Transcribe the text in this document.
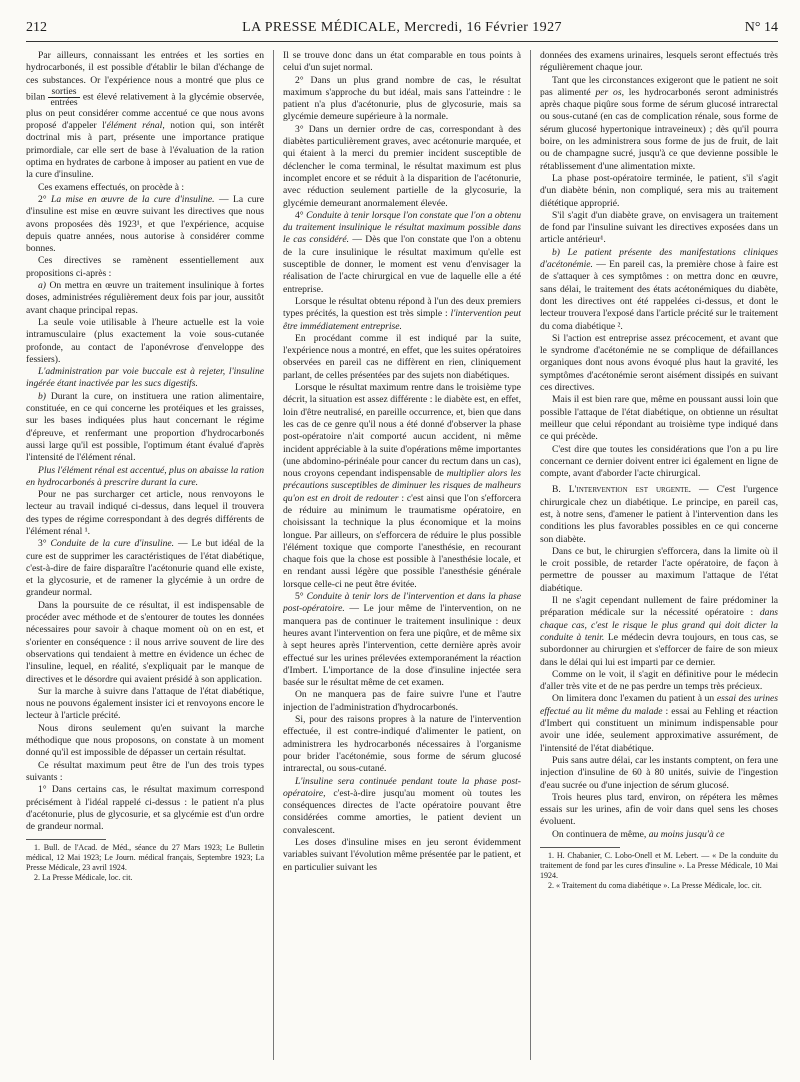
212	LA PRESSE MÉDICALE, Mercredi, 16 Février 1927	N° 14

Par ailleurs, connaissant les entrées et les sorties en hydrocarbonés, il est possible d'établir le bilan d'échange de ces substances. Or l'expérience nous a montré que plus ce bilan $\frac{\text{sorties}}{\text{entrées}}$ est élevé relativement à la glycémie observée, plus on peut considérer comme accentué ce que nous avons proposé d'appeler l'élément rénal, notion qui, son intérêt doctrinal mis à part, présente une importance pratique primordiale, car elle sert de base à l'évaluation de la ration optima en hydrates de carbone à imposer au patient en vue de la cure d'insuline.

Ces examens effectués, on procède à :

2° La mise en œuvre de la cure d'insuline. — La cure d'insuline est mise en œuvre suivant les directives que nous avons proposées dès 1923¹, et que l'expérience, acquise depuis quatre années, nous autorise à considérer comme bonnes.

Ces directives se ramènent essentiellement aux propositions ci-après :

a) On mettra en œuvre un traitement insulinique à fortes doses, administrées régulièrement deux fois par jour, aussitôt avant chaque principal repas.

La seule voie utilisable à l'heure actuelle est la voie intramusculaire (plus exactement la voie sous-cutanée profonde, au contact de l'aponévrose d'enveloppe des fessiers).

L'administration par voie buccale est à rejeter, l'insuline ingérée étant inactivée par les sucs digestifs.

b) Durant la cure, on instituera une ration alimentaire, constituée, en ce qui concerne les protéiques et les graisses, sur les bases indiquées plus haut concernant le régime d'épreuve, et renfermant une proportion d'hydrocarbonés aussi large qu'il est possible, l'optimum étant évalué d'après l'intensité de l'élément rénal.

Plus l'élément rénal est accentué, plus on abaisse la ration en hydrocarbonés à prescrire durant la cure.

Pour ne pas surcharger cet article, nous renvoyons le lecteur au travail indiqué ci-dessus, dans lequel il trouvera des types de régime correspondant à des degrés différents de l'élément rénal ¹.

3° Conduite de la cure d'insuline. — Le but idéal de la cure est de supprimer les caractéristiques de l'état diabétique, c'est-à-dire de faire disparaître l'acétonurie quand elle existe, et la glycosurie, et de ramener la glycémie à un ordre de grandeur normal.

Dans la poursuite de ce résultat, il est indispensable de procéder avec méthode et de s'entourer de toutes les données nécessaires pour savoir à chaque moment où on en est, et s'orienter en conséquence : il nous arrive souvent de lire des observations qui tendaient à mettre en évidence un échec de l'insuline, lequel, en réalité, s'expliquait par le manque de directives et le désordre qui avaient présidé à son application.

Sur la marche à suivre dans l'attaque de l'état diabétique, nous ne pouvons également insister ici et renvoyons encore le lecteur à l'article précité.

Nous dirons seulement qu'en suivant la marche méthodique que nous proposons, on constate à un moment donné qu'il est impossible de dépasser un certain résultat.

Ce résultat maximum peut être de l'un des trois types suivants :

1° Dans certains cas, le résultat maximum correspond précisément à l'idéal rappelé ci-dessus : le patient n'a plus d'acétonurie, plus de glycosurie, et sa glycémie est d'un ordre de grandeur normal.

1. Bull. de l'Acad. de Méd., séance du 27 Mars 1923; Le Bulletin médical, 12 Mai 1923; Le Journ. médical français, Septembre 1923; La Presse Médicale, 23 avril 1924.

2. La Presse Médicale, loc. cit.

Il se trouve donc dans un état comparable en tous points à celui d'un sujet normal.

2° Dans un plus grand nombre de cas, le résultat maximum s'approche du but idéal, mais sans l'atteindre : le patient n'a plus d'acétonurie, plus de glycosurie, mais sa glycémie demeure supérieure à la normale.

3° Dans un dernier ordre de cas, correspondant à des diabètes particulièrement graves, avec acétonurie marquée, et qui étaient à la merci du premier incident susceptible de déclencher le coma terminal, le résultat maximum est plus incomplet encore et se réduit à la disparition de l'acétonurie, avec réduction seulement partielle de la glycosurie, la glycémie demeurant anormalement élevée.

4° Conduite à tenir lorsque l'on constate que l'on a obtenu du traitement insulinique le résultat maximum possible dans le cas considéré. — Dès que l'on constate que l'on a obtenu de la cure insulinique le résultat maximum qu'elle est susceptible de donner, le moment est venu d'envisager la réalisation de l'acte chirurgical en vue de laquelle elle a été entreprise.

Lorsque le résultat obtenu répond à l'un des deux premiers types précités, la question est très simple : l'intervention peut être immédiatement entreprise.

En procédant comme il est indiqué par la suite, l'expérience nous a montré, en effet, que les suites opératoires observées en pareil cas ne diffèrent en rien, cliniquement parlant, de celles présentées par des sujets non diabétiques.

Lorsque le résultat maximum rentre dans le troisième type décrit, la situation est assez différente : le diabète est, en effet, loin d'être neutralisé, en pareille occurrence, et, bien que dans les cas de ce genre qu'il nous a été donné d'observer la phase post-opératoire n'ait comporté aucun accident, ni même incident appréciable à la suite d'opérations même importantes (une abdomino-périnéale pour cancer du rectum dans un cas), nous croyons cependant indispensable de multiplier alors les précautions susceptibles de diminuer les risques de malheurs qu'on est en droit de redouter : c'est ainsi que l'on s'efforcera de réduire au minimum le traumatisme opératoire, en choisissant la technique la plus économique et la moins longue. Par ailleurs, on s'efforcera de réduire le plus possible l'élément toxique que comporte l'anesthésie, en recourant chaque fois que la chose est possible à l'anesthésie locale, et en rendant aussi légère que possible l'anesthésie générale lorsque celle-ci ne peut être évitée.

5° Conduite à tenir lors de l'intervention et dans la phase post-opératoire. — Le jour même de l'intervention, on ne manquera pas de continuer le traitement insulinique : deux heures avant l'intervention on fera une piqûre, et de même six à sept heures après l'intervention, cette dernière après avoir effectué sur les urines prélevées extemporanément la réaction d'Imbert. L'importance de la dose d'insuline injectée sera basée sur le résultat même de cet examen.

On ne manquera pas de faire suivre l'une et l'autre injection de l'administration d'hydrocarbonés.

Si, pour des raisons propres à la nature de l'intervention effectuée, il est contre-indiqué d'alimenter le patient, on administrera les hydrocarbonés nécessaires à l'organisme pour brider l'acétonémie, sous forme de sérum glucosé intrarectal, ou sous-cutané.

L'insuline sera continuée pendant toute la phase post-opératoire, c'est-à-dire jusqu'au moment où toutes les conséquences directes de l'acte opératoire pouvant être considérées comme amorties, le patient devient un convalescent.

Les doses d'insuline mises en jeu seront évidemment variables suivant l'évolution même présentée par le patient, et en particulier suivant les

données des examens urinaires, lesquels seront effectués très régulièrement chaque jour.

Tant que les circonstances exigeront que le patient ne soit pas alimenté per os, les hydrocarbonés seront administrés après chaque piqûre sous forme de sérum glucosé intrarectal ou sous-cutané (en cas de complication rénale, sous forme de sérum glucosé hypertonique intraveineux) ; dès qu'il pourra boire, on les administrera sous forme de jus de fruit, de lait ou de champagne sucré, jusqu'à ce que devienne possible le rétablissement d'une alimentation mixte.

La phase post-opératoire terminée, le patient, s'il s'agit d'un diabète bénin, non compliqué, sera mis au traitement diététique approprié.

S'il s'agit d'un diabète grave, on envisagera un traitement de fond par l'insuline suivant les directives exposées dans un article antérieur¹.

b) Le patient présente des manifestations cliniques d'acétonémie. — En pareil cas, la première chose à faire est de s'attaquer à ces symptômes : on mettra donc en œuvre, sans délai, le traitement des états acétonémiques du diabète, dont les directives ont été rappelées ci-dessus, et dont le lecteur trouvera l'exposé dans l'article précité sur le traitement du coma diabétique ².

Si l'action est entreprise assez précocement, et avant que le syndrome d'acétonémie ne se complique de défaillances organiques dont nous avons évoqué plus haut la gravité, les symptômes d'acétonémie seront aisément dissipés en suivant ces directives.

Mais il est bien rare que, même en poussant aussi loin que possible l'attaque de l'état diabétique, on obtienne un résultat meilleur que celui répondant au troisième type indiqué dans ce qui précède.

C'est dire que toutes les considérations que l'on a pu lire concernant ce dernier doivent entrer ici également en ligne de compte, avant d'aborder l'acte chirurgical.

B. L'intervention est urgente. — C'est l'urgence chirurgicale chez un diabétique. Le principe, en pareil cas, est, à notre sens, d'amener le patient à l'intervention dans les conditions les plus favorables possibles en ce qui concerne son diabète.

Dans ce but, le chirurgien s'efforcera, dans la limite où il le croit possible, de retarder l'acte opératoire, de façon à permettre de pousser au maximum l'attaque de l'état diabétique.

Il ne s'agit cependant nullement de faire prédominer la préparation médicale sur la nécessité opératoire : dans chaque cas, c'est le risque le plus grand qui doit dicter la conduite à tenir. Le médecin devra toujours, en tous cas, se subordonner au chirurgien et s'efforcer de faire de son mieux dans le délai qui lui est imparti par ce dernier.

Comme on le voit, il s'agit en définitive pour le médecin d'aller très vite et de ne pas perdre un temps très précieux.

On limitera donc l'examen du patient à un essai des urines effectué au lit même du malade : essai au Fehling et réaction d'Imbert qui constituent un minimum indispensable pour avoir une idée, seulement approximative assurément, de l'intensité de l'état diabétique.

Puis sans autre délai, car les instants comptent, on fera une injection d'insuline de 60 à 80 unités, suivie de l'ingestion d'eau sucrée ou d'une injection de sérum glucosé.

Trois heures plus tard, environ, on répétera les mêmes essais sur les urines, afin de voir dans quel sens les choses évoluent.

On continuera de même, au moins jusqu'à ce

1. H. Chabanier, C. Lobo-Onell et M. Lebert. — « De la conduite du traitement de fond par les cures d'insuline ». La Presse Médicale, 10 Mai 1924.

2. « Traitement du coma diabétique ». La Presse Médicale, loc. cit.
